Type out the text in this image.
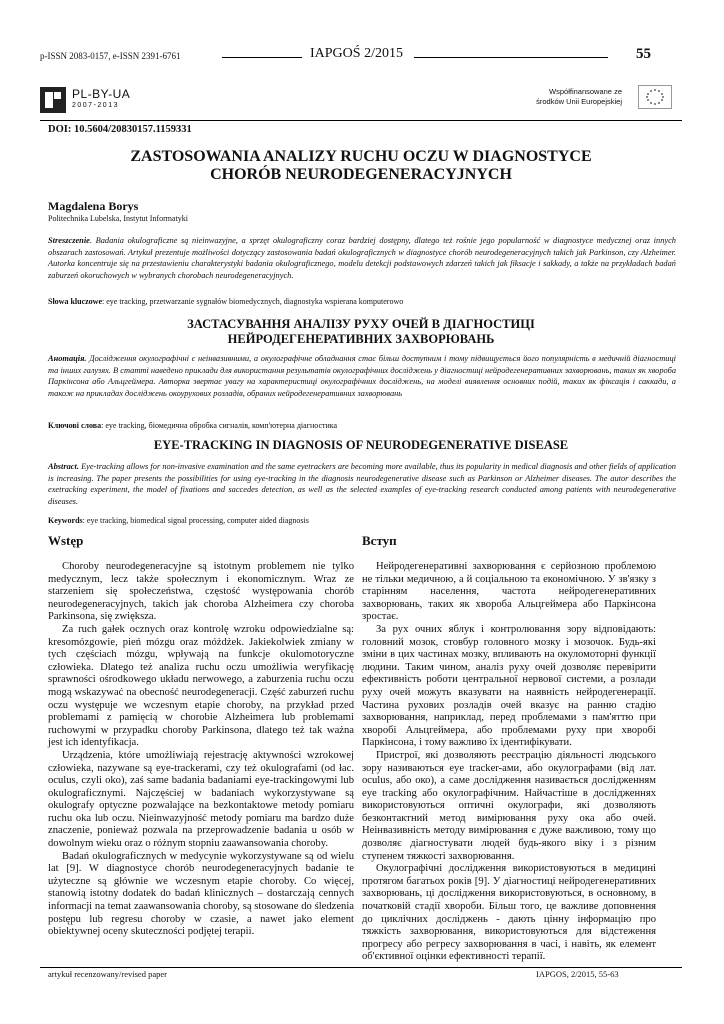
p-ISSN 2083-0157, e-ISSN 2391-6761	IAPGOŚ 2/2015	55
PL-BY-UA
2007-2013
Współfinansowane ze
środków Unii Europejskiej
DOI: 10.5604/20830157.1159331
ZASTOSOWANIA ANALIZY RUCHU OCZU W DIAGNOSTYCE
CHORÓB NEURODEGENERACYJNYCH
Magdalena Borys
Politechnika Lubelska, Instytut Informatyki
Streszczenie. Badania okulograficzne są nieinwazyjne, a sprzęt okulograficzny coraz bardziej dostępny, dlatego też rośnie jego popularność w diagnostyce medycznej oraz innych obszarach zastosowań. Artykuł prezentuje możliwości dotyczący zastosowania badań okulograficznych w diagnostyce chorób neurodegeneracyjnych takich jak Parkinson, czy Alzheimer. Autorka koncentruje się na przestawieniu charakterystyki badania okulograficznego, modelu detekcji podstawowych zdarzeń takich jak fiksacje i sakkady, a także na przykładach badań zaburzeń okoruchowych w wybranych chorobach neurodegeneracyjnych.
Słowa kluczowe: eye tracking, przetwarzanie sygnałów biomedycznych, diagnostyka wspierana komputerowo
ЗАСТАСУВАННЯ АНАЛІЗУ РУХУ ОЧЕЙ В ДІАГНОСТИЦІ
НЕЙРОДЕГЕНЕРАТИВНИХ ЗАХВОРЮВАНЬ
Анотація. Дослідження окулографічні є неінвазивними, а окулографічне обладнання стає більш доступним і тому підвищується його популярність в медичній діагностиці та інших галузях. В статті наведено приклади для використання результатів окулографічних досліджень у діагностиці нейродегенеративних захворювань, таких як хвороба Паркінсона або Альцгеймера. Авторка звертає увагу на характеристиці окулографічних досліджень, на моделі виявлення основних подій, таких як фіксація і саккади, а також на прикладах досліджень окоурухових розладів, обраних нейродегенеративних захворювань
Ключові слова: eye tracking, біомедична обробка сигналів, комп'ютерна діагностика
EYE-TRACKING IN DIAGNOSIS OF NEURODEGENERATIVE DISEASE
Abstract. Eye-tracking allows for non-invasive examination and the same eyetrackers are becoming more available, thus its popularity in medical diagnosis and other fields of application is increasing. The paper presents the possibilities for using eye-tracking in the diagnosis neurodegenerative disease such as Parkinson or Alzheimer diseases. The autor describes the exetracking experiment, the model of fixations and saccedes detection, as well as the selected examples of eye-tracking research conducted among patients with neurodegenerative diseases.
Keywords: eye tracking, biomedical signal processing, computer aided diagnosis
Wstęp

Choroby neurodegeneracyjne są istotnym problemem nie tylko medycznym, lecz także społecznym i ekonomicznym. Wraz ze starzeniem się społeczeństwa, częstość występowania chorób neurodegeneracyjnych, takich jak choroba Alzheimera czy choroba Parkinsona, się zwiększa.

Za ruch gałek ocznych oraz kontrolę wzroku odpowiedzialne są: kresomózgowie, pień mózgu oraz móżdżek. Jakiekolwiek zmiany w tych częściach mózgu, wpływają na funkcje okulomotoryczne człowieka. Dlatego też analiza ruchu oczu umożliwia weryfikację sprawności ośrodkowego układu nerwowego, a zaburzenia ruchu oczu mogą wskazywać na obecność neurodegeneracji. Część zaburzeń ruchu oczu występuje we wczesnym etapie choroby, na przykład przed problemami z pamięcią w chorobie Alzheimera lub problemami ruchowymi w przypadku choroby Parkinsona, dlatego też tak ważna jest ich identyfikacja.

Urządzenia, które umożliwiają rejestrację aktywności wzrokowej człowieka, nazywane są eye-trackerami, czy też okulografami (od łac. oculus, czyli oko), zaś same badania badaniami eye-trackingowymi lub okulograficznymi. Najczęściej w badaniach wykorzystywane są okulografy optyczne pozwalające na bezkontaktowe metody pomiaru ruchu oka lub oczu. Nieinwazyjność metody pomiaru ma bardzo duże znaczenie, ponieważ pozwala na przeprowadzenie badania u osób w dowolnym wieku oraz o różnym stopniu zaawansowania choroby.

Badań okulograficznych w medycynie wykorzystywane są od wielu lat [9]. W diagnostyce chorób neurodegeneracyjnych badanie te użyteczne są głównie we wczesnym etapie choroby. Co więcej, stanowią istotny dodatek do badań klinicznych – dostarczają cennych informacji na temat zaawansowania choroby, są stosowane do śledzenia postępu lub regresu choroby w czasie, a nawet jako element obiektywnej oceny skuteczności podjętej terapii.

Вступ

Нейродегенеративні захворювання є серйозною проблемою не тільки медичною, а й соціальною та економічною. У зв'язку з старінням населення, частота нейродегенеративних захворювань, таких як хвороба Альцгеймера або Паркінсона зростає.

За рух очних яблук і контролювання зору відповідають: головний мозок, стовбур головного мозку і мозочок. Будь-які зміни в цих частинах мозку, впливають на окуломоторні функції людини. Таким чином, аналіз руху очей дозволяє перевірити ефективність роботи центральної нервової системи, а розлади руху очей можуть вказувати на наявність нейродегенерації. Частина рухових розладів очей вказує на ранню стадію захворювання, наприклад, перед проблемами з пам'яттю при хворобі Альцгеймера, або проблемами руху при хворобі Паркінсона, і тому важливо їх ідентифікувати.

Пристрої, які дозволяють реєстрацію діяльності людського зору називаються eye tracker-ами, або окулографами (від лат. oculus, або око), а саме дослідження називається дослідженням eye tracking або окулографічним. Найчастіше в дослідженнях використовуються оптичні окулографи, які дозволяють безконтактний метод вимірювання руху ока або очей. Неінвазивність методу вимірювання є дуже важливою, тому що дозволяє діагностувати людей будь-якого віку і з різним ступенем тяжкості захворювання.

Окулографічні дослідження використовуються в медицині протягом багатьох років [9]. У діагностиці нейродегенеративних захворювань, ці дослідження використовуються, в основному, в початковій стадії хвороби. Більш того, це важливе доповнення до циклічних досліджень - дають цінну інформацію про тяжкість захворювання, використовуються для відстеження прогресу або регресу захворювання в часі, і навіть, як елемент об'єктивної оцінки ефективності терапії.

artykuł recenzowany/revised paper	IAPGOS, 2/2015, 55-63
